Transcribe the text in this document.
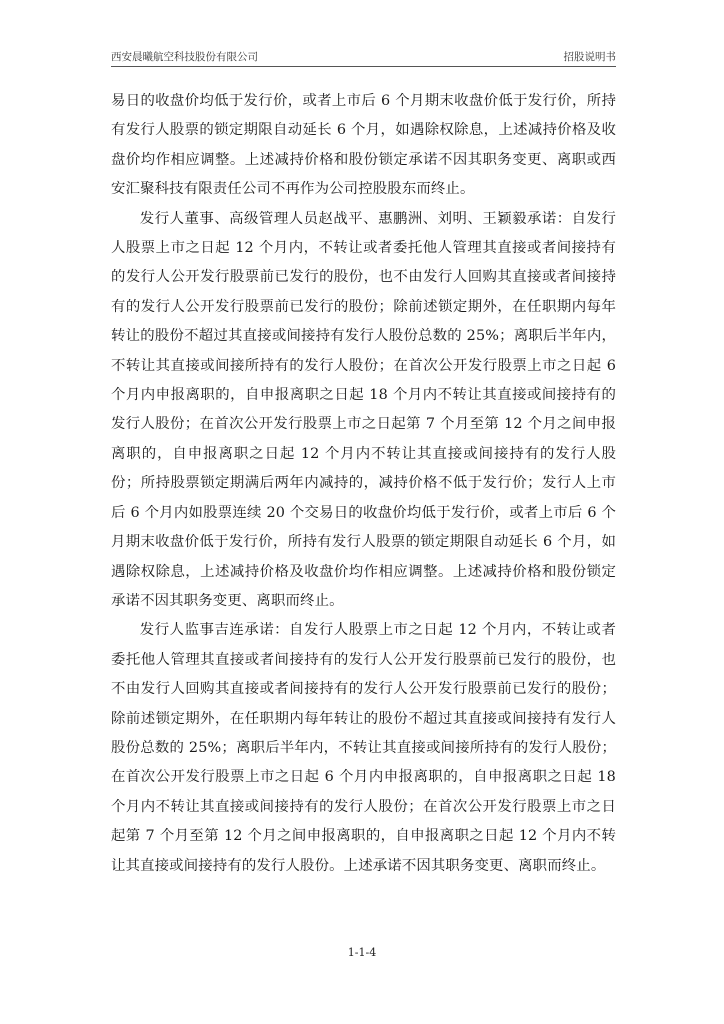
西安晨曦航空科技股份有限公司	招股说明书

易日的收盘价均低于发行价，或者上市后 6 个月期末收盘价低于发行价，所持有发行人股票的锁定期限自动延长 6 个月，如遇除权除息，上述减持价格及收盘价均作相应调整。上述减持价格和股份锁定承诺不因其职务变更、离职或西安汇聚科技有限责任公司不再作为公司控股股东而终止。

发行人董事、高级管理人员赵战平、惠鹏洲、刘明、王颖毅承诺：自发行人股票上市之日起 12 个月内，不转让或者委托他人管理其直接或者间接持有的发行人公开发行股票前已发行的股份，也不由发行人回购其直接或者间接持有的发行人公开发行股票前已发行的股份；除前述锁定期外，在任职期内每年转让的股份不超过其直接或间接持有发行人股份总数的 25%；离职后半年内，不转让其直接或间接所持有的发行人股份；在首次公开发行股票上市之日起 6 个月内申报离职的，自申报离职之日起 18 个月内不转让其直接或间接持有的发行人股份；在首次公开发行股票上市之日起第 7 个月至第 12 个月之间申报离职的，自申报离职之日起 12 个月内不转让其直接或间接持有的发行人股份；所持股票锁定期满后两年内减持的，减持价格不低于发行价；发行人上市后 6 个月内如股票连续 20 个交易日的收盘价均低于发行价，或者上市后 6 个月期末收盘价低于发行价，所持有发行人股票的锁定期限自动延长 6 个月，如遇除权除息，上述减持价格及收盘价均作相应调整。上述减持价格和股份锁定承诺不因其职务变更、离职而终止。

发行人监事吉连承诺：自发行人股票上市之日起 12 个月内，不转让或者委托他人管理其直接或者间接持有的发行人公开发行股票前已发行的股份，也不由发行人回购其直接或者间接持有的发行人公开发行股票前已发行的股份；除前述锁定期外，在任职期内每年转让的股份不超过其直接或间接持有发行人股份总数的 25%；离职后半年内，不转让其直接或间接所持有的发行人股份；在首次公开发行股票上市之日起 6 个月内申报离职的，自申报离职之日起 18 个月内不转让其直接或间接持有的发行人股份；在首次公开发行股票上市之日起第 7 个月至第 12 个月之间申报离职的，自申报离职之日起 12 个月内不转让其直接或间接持有的发行人股份。上述承诺不因其职务变更、离职而终止。

1-1-4
